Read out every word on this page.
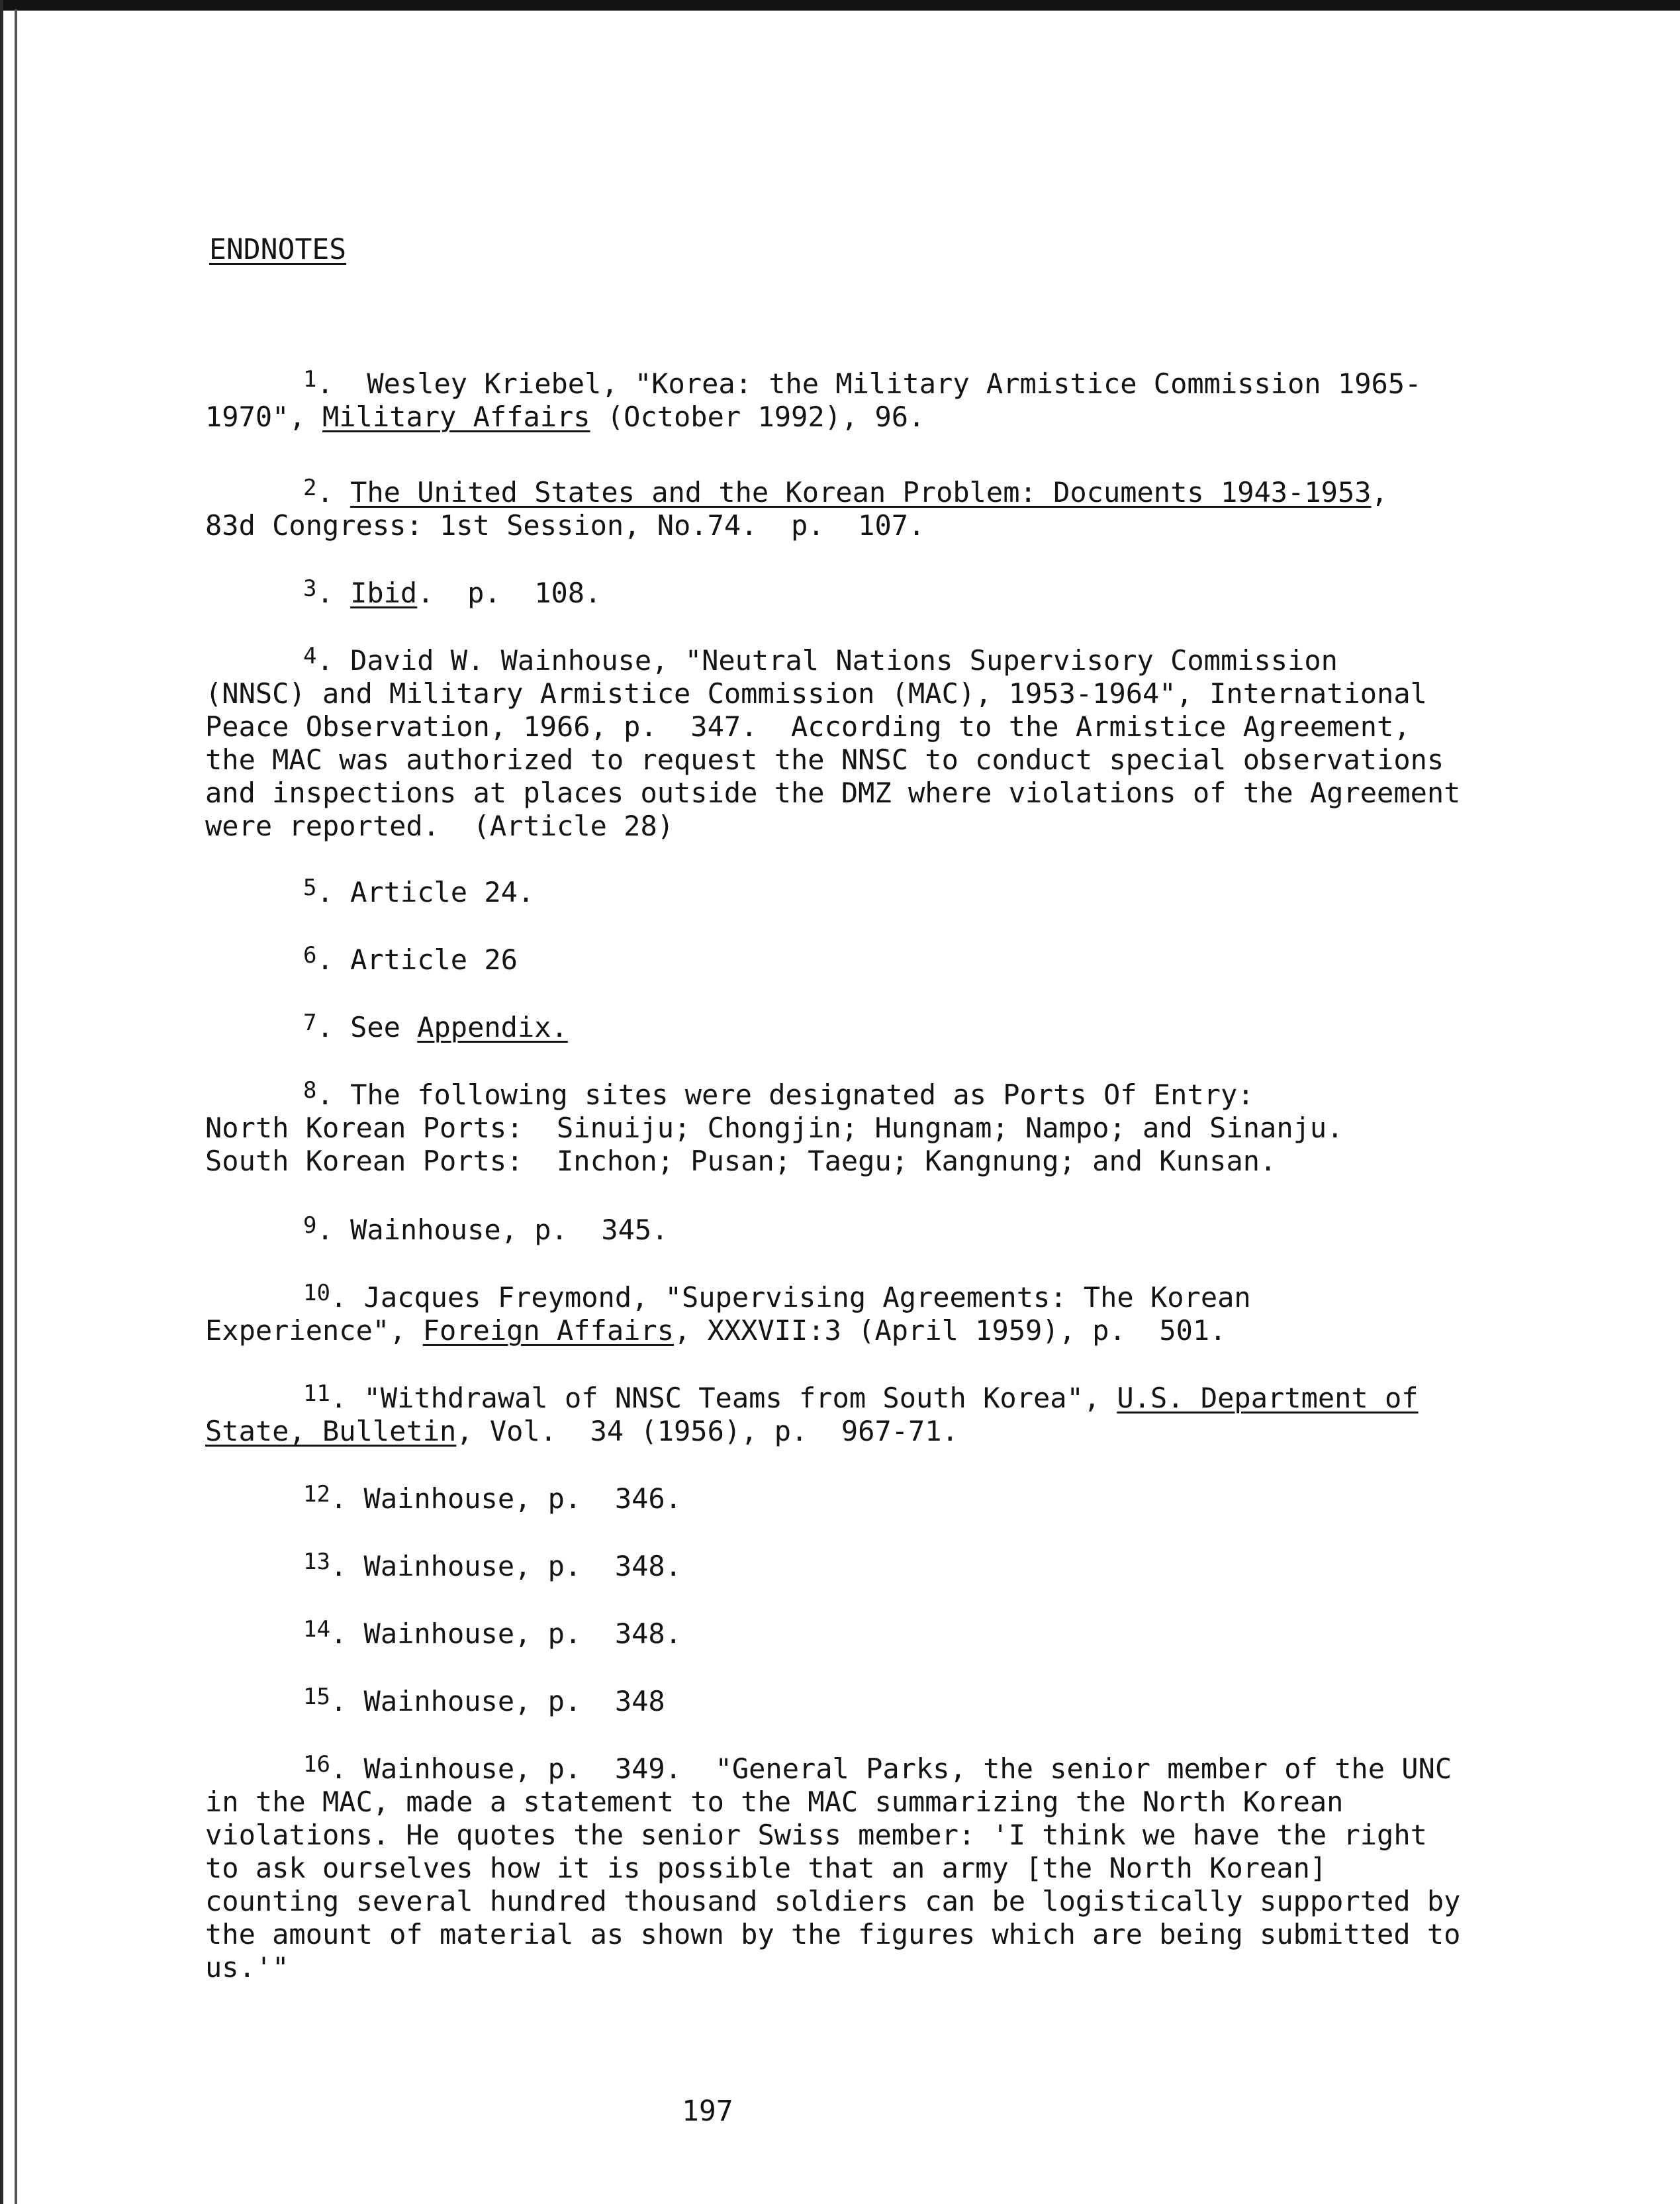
ENDNOTES

$^1$.  Wesley Kriebel, "Korea: the Military Armistice Commission 1965-

1970", Military Affairs (October 1992), 96.

$^2$. The United States and the Korean Problem: Documents 1943-1953,

83d Congress: 1st Session, No.74.  p.  107.

$^3$. Ibid.  p.  108.

$^4$. David W. Wainhouse, "Neutral Nations Supervisory Commission

(NNSC) and Military Armistice Commission (MAC), 1953-1964", International

Peace Observation, 1966, p.  347.  According to the Armistice Agreement,

the MAC was authorized to request the NNSC to conduct special observations

and inspections at places outside the DMZ where violations of the Agreement

were reported.  (Article 28)

$^5$. Article 24.

$^6$. Article 26

$^7$. See Appendix.

$^8$. The following sites were designated as Ports Of Entry:

North Korean Ports:  Sinuiju; Chongjin; Hungnam; Nampo; and Sinanju.

South Korean Ports:  Inchon; Pusan; Taegu; Kangnung; and Kunsan.

$^9$. Wainhouse, p.  345.

$^{10}$. Jacques Freymond, "Supervising Agreements: The Korean

Experience", Foreign Affairs, XXXVII:3 (April 1959), p.  501.

$^{11}$. "Withdrawal of NNSC Teams from South Korea", U.S. Department of

State, Bulletin, Vol.  34 (1956), p.  967-71.

$^{12}$. Wainhouse, p.  346.

$^{13}$. Wainhouse, p.  348.

$^{14}$. Wainhouse, p.  348.

$^{15}$. Wainhouse, p.  348

$^{16}$. Wainhouse, p.  349.  "General Parks, the senior member of the UNC

in the MAC, made a statement to the MAC summarizing the North Korean

violations. He quotes the senior Swiss member: 'I think we have the right

to ask ourselves how it is possible that an army [the North Korean]

counting several hundred thousand soldiers can be logistically supported by

the amount of material as shown by the figures which are being submitted to

us.'"

197
